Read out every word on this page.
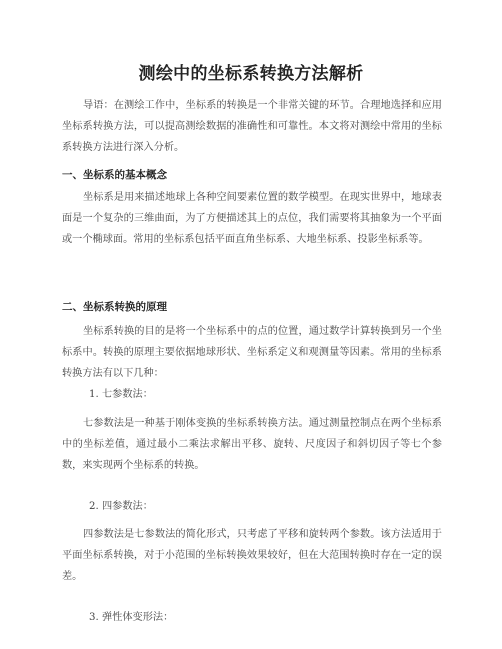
测绘中的坐标系转换方法解析
导语：在测绘工作中，坐标系的转换是一个非常关键的环节。合理地选择和应用坐标系转换方法，可以提高测绘数据的准确性和可靠性。本文将对测绘中常用的坐标系转换方法进行深入分析。
一、坐标系的基本概念
坐标系是用来描述地球上各种空间要素位置的数学模型。在现实世界中，地球表面是一个复杂的三维曲面，为了方便描述其上的点位，我们需要将其抽象为一个平面或一个椭球面。常用的坐标系包括平面直角坐标系、大地坐标系、投影坐标系等。
二、坐标系转换的原理
坐标系转换的目的是将一个坐标系中的点的位置，通过数学计算转换到另一个坐标系中。转换的原理主要依据地球形状、坐标系定义和观测量等因素。常用的坐标系转换方法有以下几种：
1. 七参数法：
七参数法是一种基于刚体变换的坐标系转换方法。通过测量控制点在两个坐标系中的坐标差值，通过最小二乘法求解出平移、旋转、尺度因子和斜切因子等七个参数，来实现两个坐标系的转换。
2. 四参数法：
四参数法是七参数法的简化形式，只考虑了平移和旋转两个参数。该方法适用于平面坐标系转换，对于小范围的坐标转换效果较好，但在大范围转换时存在一定的误差。
3. 弹性体变形法：
